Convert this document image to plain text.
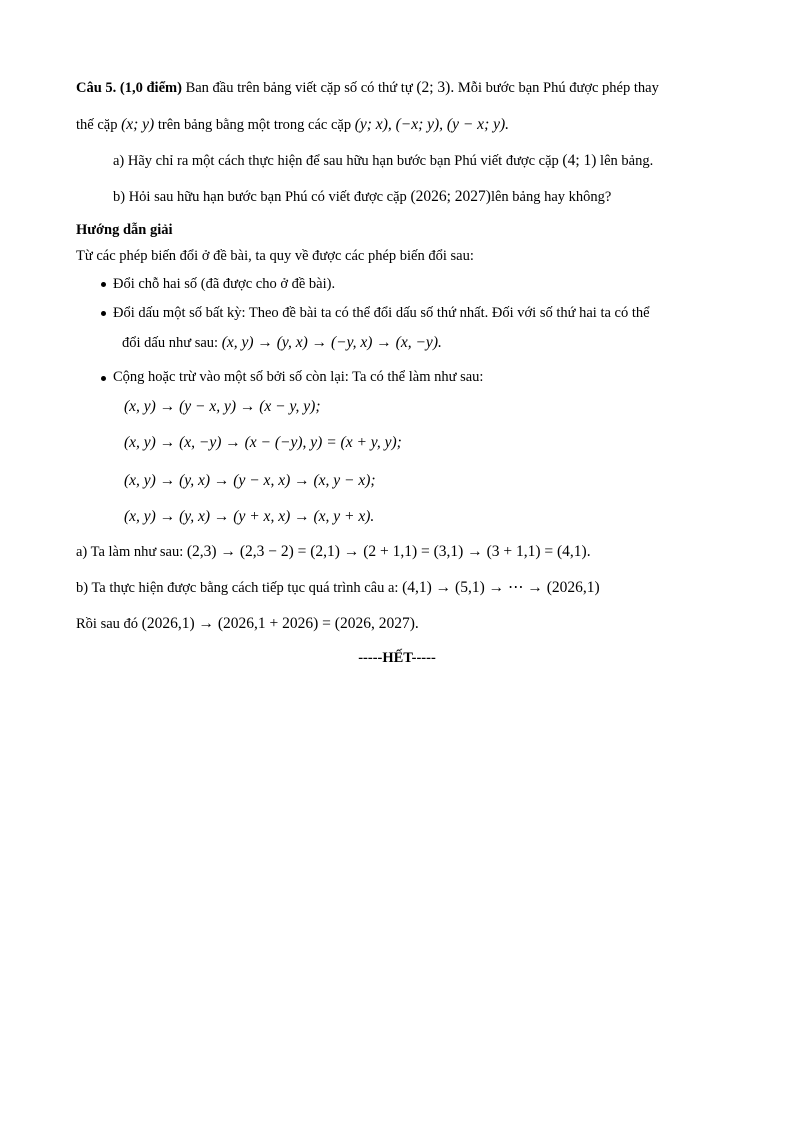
Câu 5. (1,0 điểm) Ban đầu trên bảng viết cặp số có thứ tự (2; 3). Mỗi bước bạn Phú được phép thay
thế cặp (x; y) trên bảng bằng một trong các cặp (y; x), (−x; y), (y − x; y).
a) Hãy chỉ ra một cách thực hiện để sau hữu hạn bước bạn Phú viết được cặp (4; 1) lên bảng.
b) Hỏi sau hữu hạn bước bạn Phú có viết được cặp (2026; 2027)lên bảng hay không?
Hướng dẫn giải
Từ các phép biến đổi ở đề bài, ta quy về được các phép biến đổi sau:
Đổi chỗ hai số (đã được cho ở đề bài).
Đổi dấu một số bất kỳ: Theo đề bài ta có thể đổi dấu số thứ nhất. Đối với số thứ hai ta có thể
đổi dấu như sau: (x, y) → (y, x) → (−y, x) → (x, −y).
Cộng hoặc trừ vào một số bởi số còn lại: Ta có thể làm như sau:
(x, y) → (y − x, y) → (x − y, y);
(x, y) → (x, −y) → (x − (−y), y) = (x + y, y);
(x, y) → (y, x) → (y − x, x) → (x, y − x);
(x, y) → (y, x) → (y + x, x) → (x, y + x).
a) Ta làm như sau: (2,3) → (2,3 − 2) = (2,1) → (2 + 1,1) = (3,1) → (3 + 1,1) = (4,1).
b) Ta thực hiện được bằng cách tiếp tục quá trình câu a: (4,1) → (5,1) → ⋯ → (2026,1)
Rồi sau đó (2026,1) → (2026,1 + 2026) = (2026, 2027).
-----HẾT-----
